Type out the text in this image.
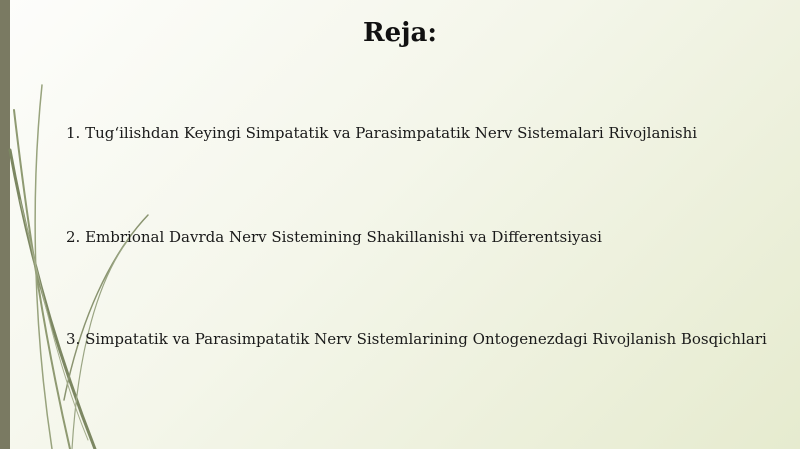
Reja:
1. Tug‘ilishdan Keyingi Simpatatik va Parasimpatatik Nerv Sistemalari Rivojlanishi
2. Embrional Davrda Nerv Sistemining Shakillanishi va Differentsiyasi
3. Simpatatik va Parasimpatatik Nerv Sistemlarining Ontogenezdagi Rivojlanish Bosqichlari
